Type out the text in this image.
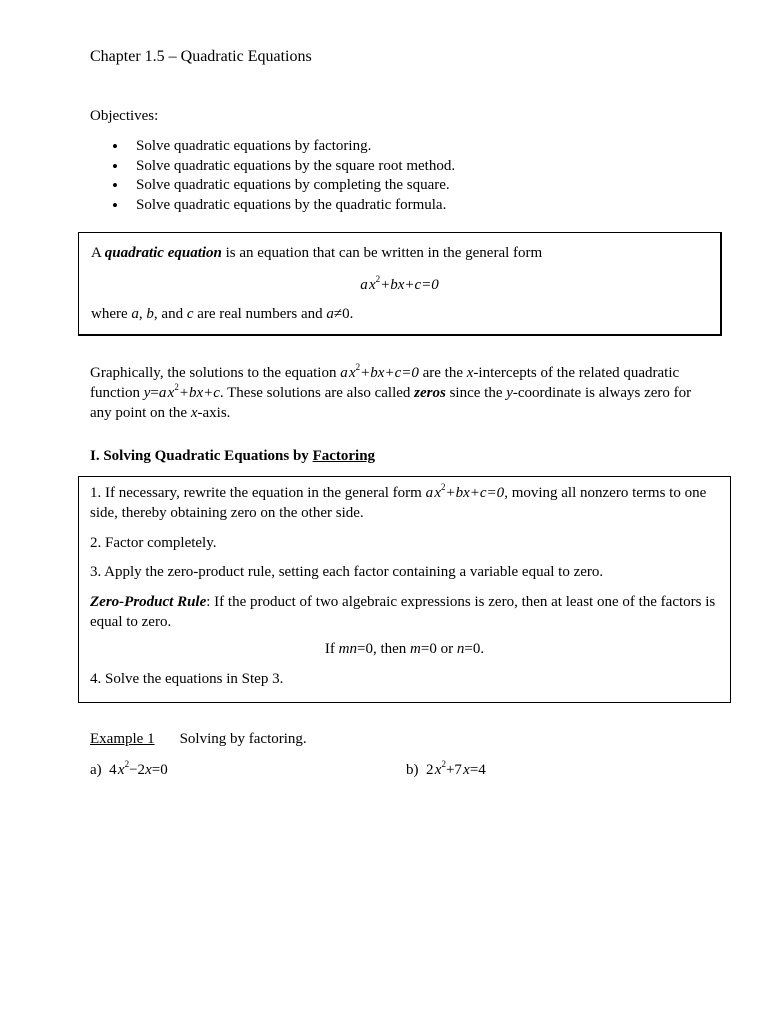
Chapter 1.5 – Quadratic Equations
Objectives:
• Solve quadratic equations by factoring.
• Solve quadratic equations by the square root method.
• Solve quadratic equations by completing the square.
• Solve quadratic equations by the quadratic formula.
A quadratic equation is an equation that can be written in the general form
a $x^2+bx+c=0$
where a, b, and c are real numbers and a≠0.
Graphically, the solutions to the equation a $x^2+bx+c=0$ are the x-intercepts of the related quadratic
function y=a $x^2+bx+c$. These solutions are also called zeros since the y-coordinate is always zero for
any point on the x-axis.
I. Solving Quadratic Equations by Factoring
1. If necessary, rewrite the equation in the general form a $x^2+bx+c=0$, moving all nonzero terms to one
side, thereby obtaining zero on the other side.
2. Factor completely.
3. Apply the zero-product rule, setting each factor containing a variable equal to zero.
Zero-Product Rule: If the product of two algebraic expressions is zero, then at least one of the factors is
equal to zero.
If mn=0, then m=0 or n=0.
4. Solve the equations in Step 3.
Example 1 Solving by factoring.
a) 4 $x^2-2x=0$	b) 2 $x^2+7$ x=4
